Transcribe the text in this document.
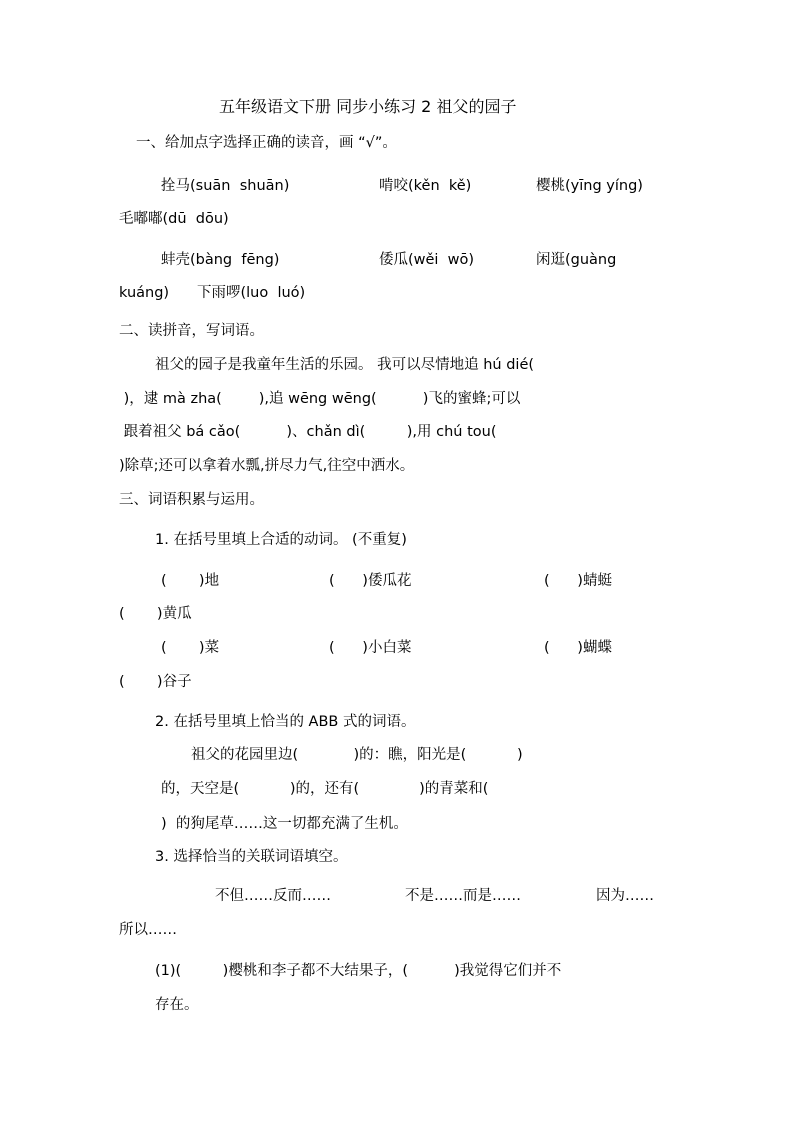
五年级语文下册 同步小练习 2 祖父的园子
一、给加点字选择正确的读音，画 “√”。
拴马(suān  shuān)	啃咬(kěn  kě)	樱桃(yīng yíng)
毛嘟嘟(dū  dōu)
蚌壳(bàng  fēng)	倭瓜(wěi  wō)	闲逛(guàng
kuáng) 下雨啰(luo  luó)
二、读拼音，写词语。
祖父的园子是我童年生活的乐园。 我可以尽情地追 hú dié(
)，逮 mà zha(        ),追 wēng wēng(          )飞的蜜蜂;可以
跟着祖父 bá cǎo(          )、chǎn dì(         ),用 chú tou(
)除草;还可以拿着水瓢,拼尽力气,往空中洒水。
三、词语积累与运用。
1. 在括号里填上合适的动词。 (不重复)
(       )地	(      )倭瓜花	(      )蜻蜓
(       )黄瓜
(       )菜	(      )小白菜	(      )蝴蝶
(       )谷子
2. 在括号里填上恰当的 ABB 式的词语。
祖父的花园里边(            )的：瞧，阳光是(           )
的，天空是(           )的，还有(             )的青菜和(
)  的狗尾草……这一切都充满了生机。
3. 选择恰当的关联词语填空。
不但……反而……	不是……而是……	因为……
所以……
(1)(         )樱桃和李子都不大结果子，(          )我觉得它们并不
存在。
